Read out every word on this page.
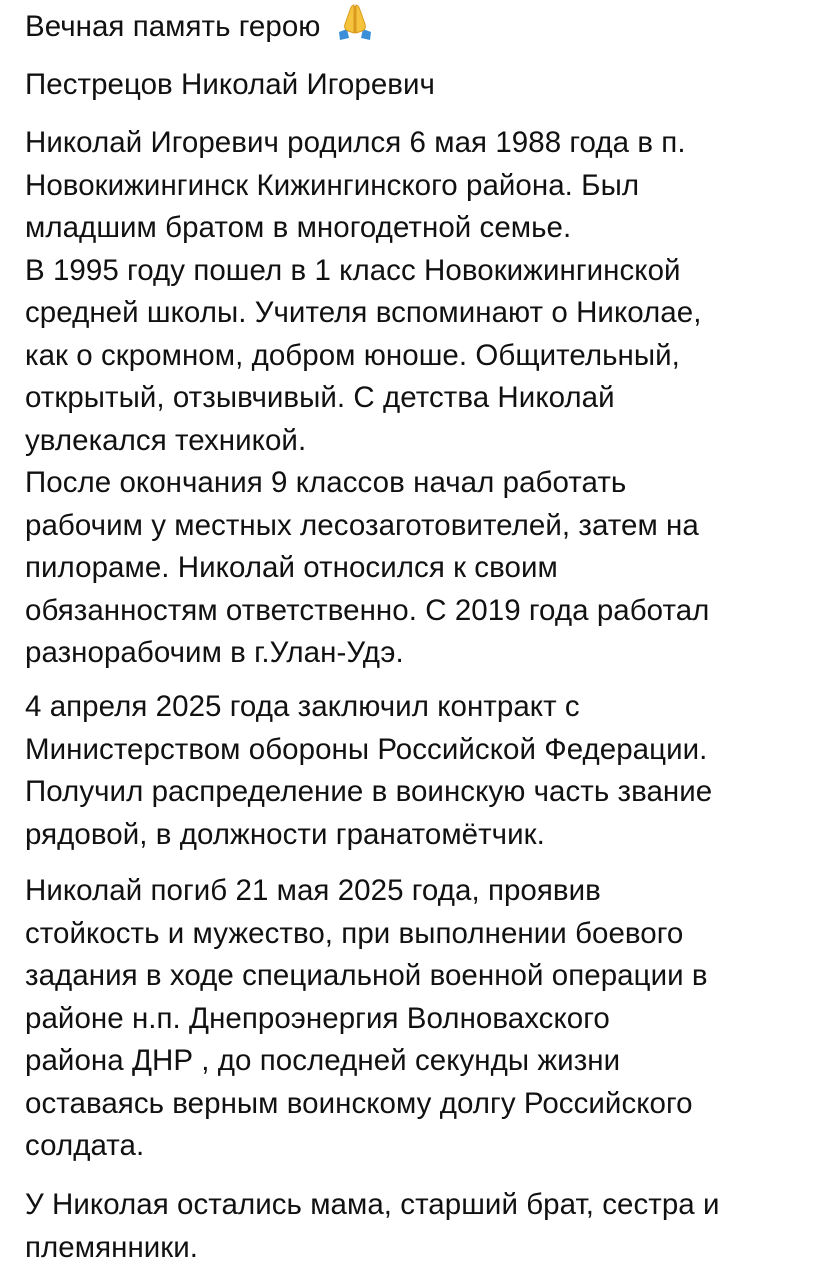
Вечная память герою
Пестрецов Николай Игоревич
Николай Игоревич родился 6 мая 1988 года в п.
Новокижингинск Кижингинского района. Был
младшим братом в многодетной семье.
В 1995 году пошел в 1 класс Новокижингинской
средней школы. Учителя вспоминают о Николае,
как о скромном, добром юноше. Общительный,
открытый, отзывчивый. С детства Николай
увлекался техникой.
После окончания 9 классов начал работать
рабочим у местных лесозаготовителей, затем на
пилораме. Николай относился к своим
обязанностям ответственно. С 2019 года работал
разнорабочим в г.Улан-Удэ.
4 апреля 2025 года заключил контракт с
Министерством обороны Российской Федерации.
Получил распределение в воинскую часть звание
рядовой, в должности гранатомётчик.
Николай погиб 21 мая 2025 года, проявив
стойкость и мужество, при выполнении боевого
задания в ходе специальной военной операции в
районе н.п. Днепроэнергия Волновахского
района ДНР , до последней секунды жизни
оставаясь верным воинскому долгу Российского
солдата.
У Николая остались мама, старший брат, сестра и
племянники.
